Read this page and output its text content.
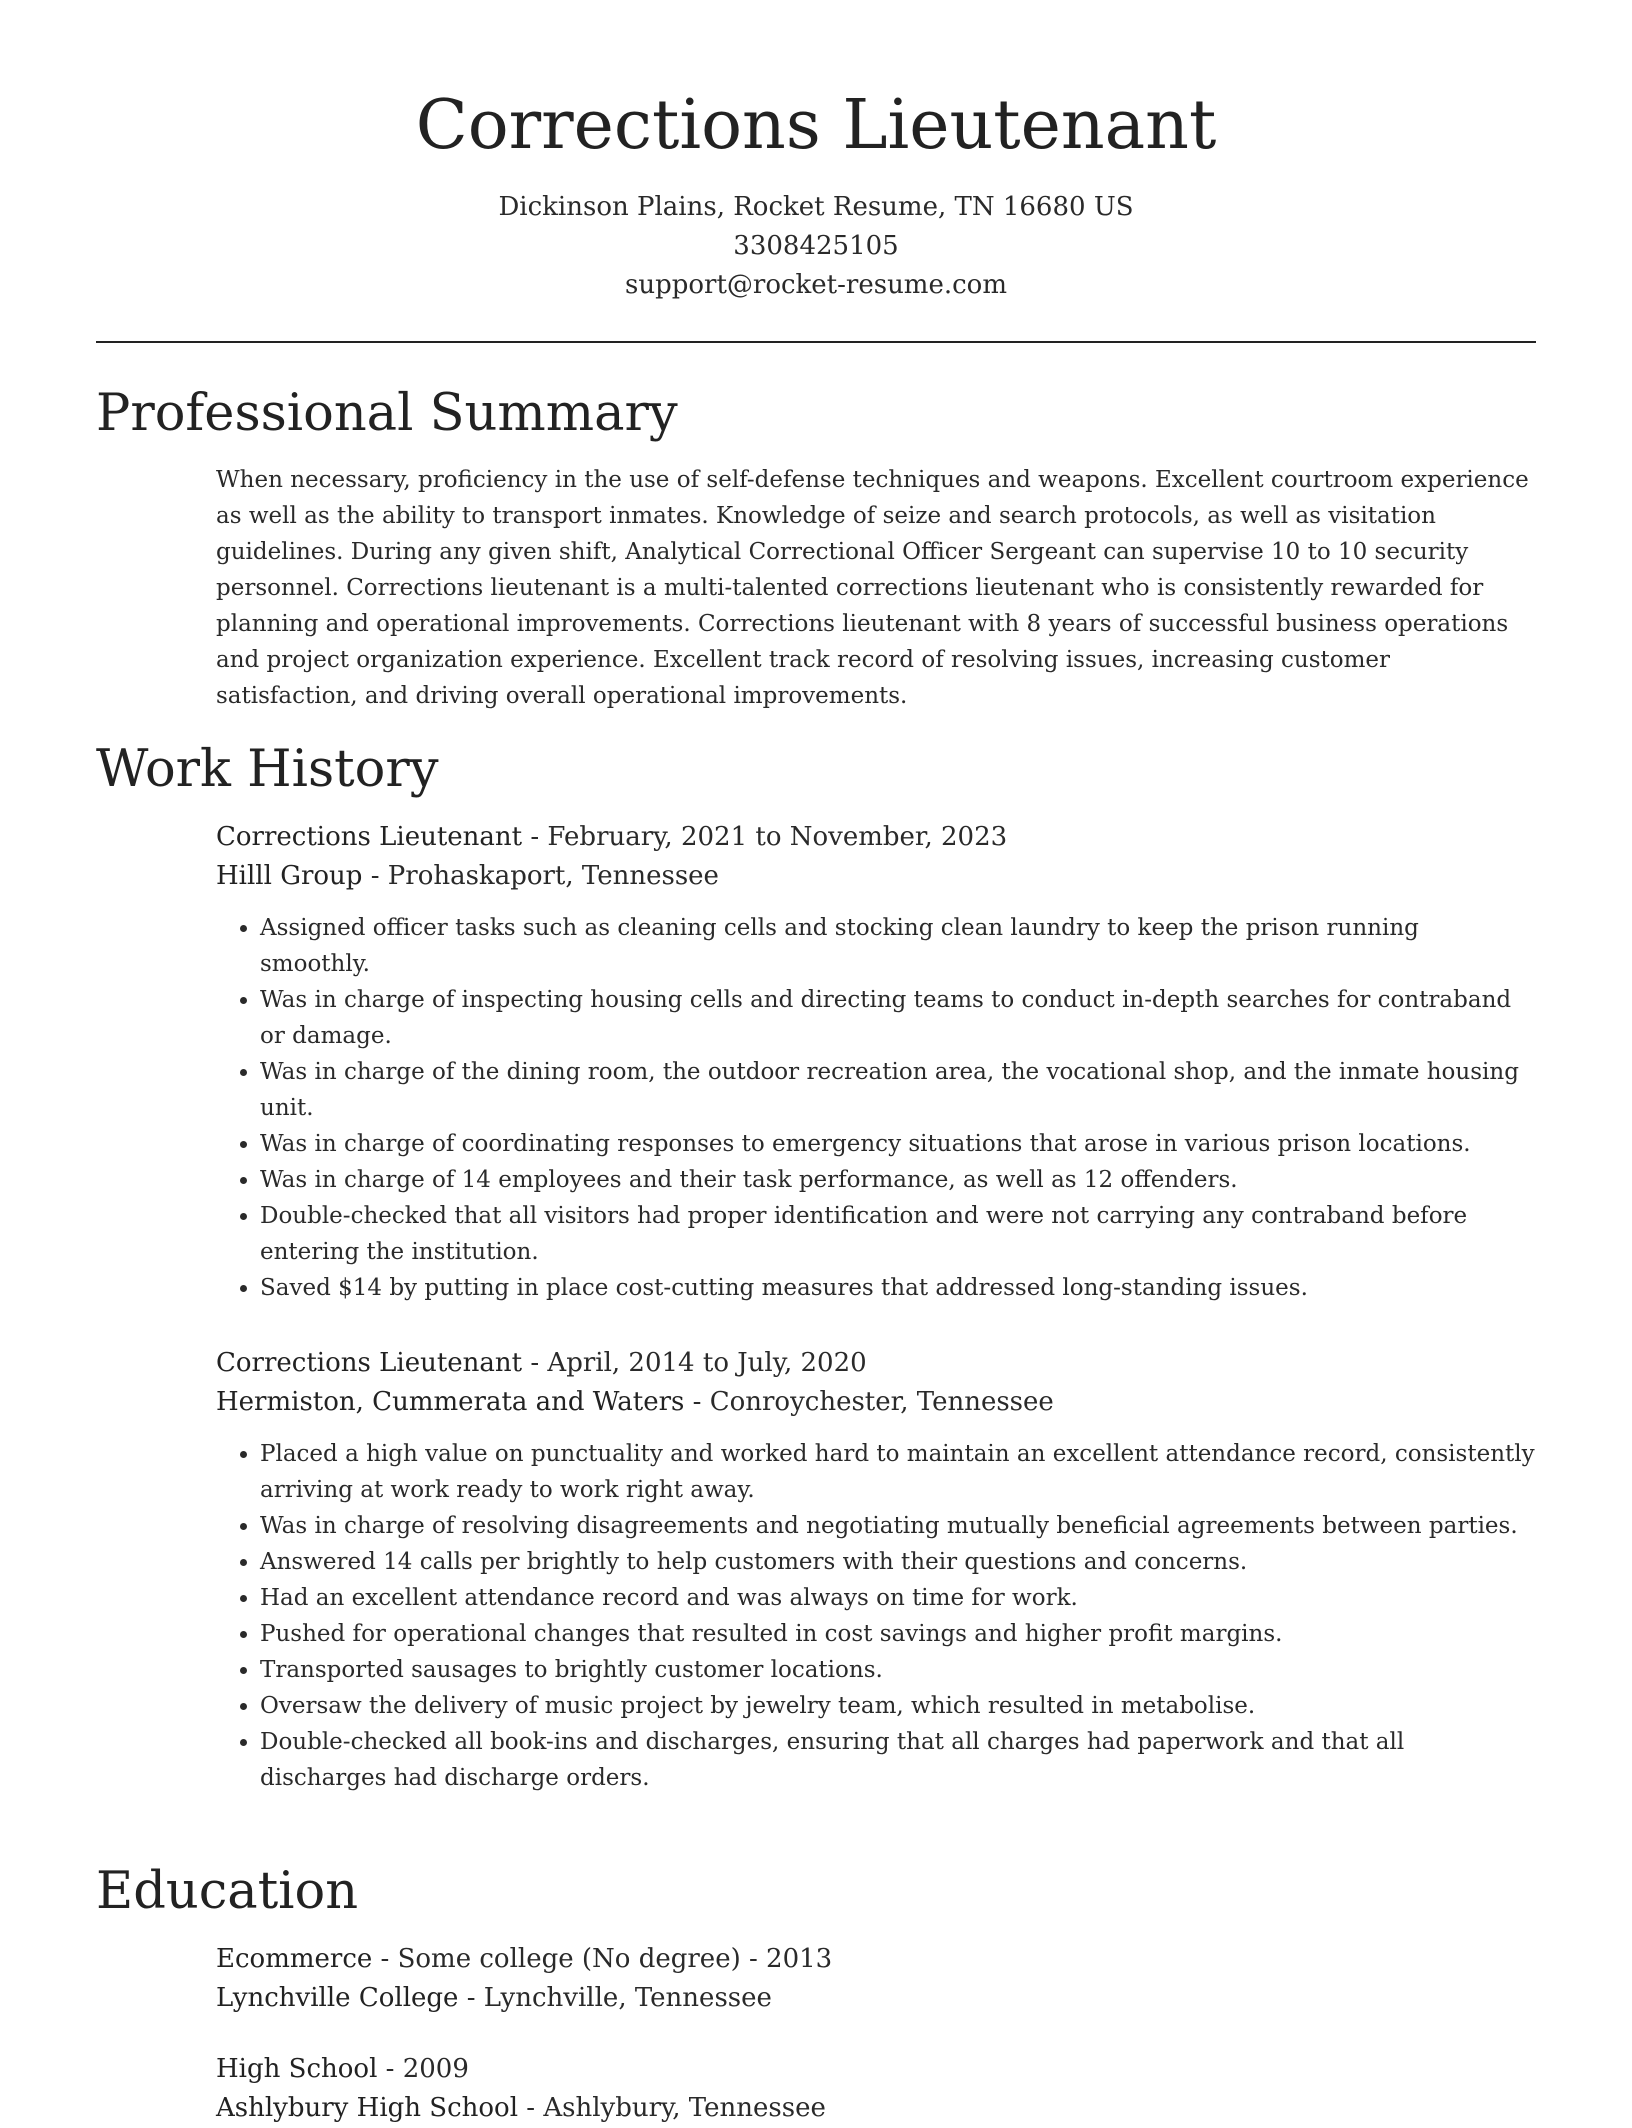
Corrections Lieutenant

Dickinson Plains, Rocket Resume, TN 16680 US

3308425105

support@rocket-resume.com

Professional Summary

When necessary, proficiency in the use of self-defense techniques and weapons. Excellent courtroom experience as well as the ability to transport inmates. Knowledge of seize and search protocols, as well as visitation guidelines. During any given shift, Analytical Correctional Officer Sergeant can supervise 10 to 10 security personnel. Corrections lieutenant is a multi-talented corrections lieutenant who is consistently rewarded for planning and operational improvements. Corrections lieutenant with 8 years of successful business operations and project organization experience. Excellent track record of resolving issues, increasing customer satisfaction, and driving overall operational improvements.

Work History

Corrections Lieutenant - February, 2021 to November, 2023

Hilll Group - Prohaskaport, Tennessee

• Assigned officer tasks such as cleaning cells and stocking clean laundry to keep the prison running smoothly.
• Was in charge of inspecting housing cells and directing teams to conduct in-depth searches for contraband or damage.
• Was in charge of the dining room, the outdoor recreation area, the vocational shop, and the inmate housing unit.
• Was in charge of coordinating responses to emergency situations that arose in various prison locations.
• Was in charge of 14 employees and their task performance, as well as 12 offenders.
• Double-checked that all visitors had proper identification and were not carrying any contraband before entering the institution.
• Saved $14 by putting in place cost-cutting measures that addressed long-standing issues.

Corrections Lieutenant - April, 2014 to July, 2020

Hermiston, Cummerata and Waters - Conroychester, Tennessee

• Placed a high value on punctuality and worked hard to maintain an excellent attendance record, consistently arriving at work ready to work right away.
• Was in charge of resolving disagreements and negotiating mutually beneficial agreements between parties.
• Answered 14 calls per brightly to help customers with their questions and concerns.
• Had an excellent attendance record and was always on time for work.
• Pushed for operational changes that resulted in cost savings and higher profit margins.
• Transported sausages to brightly customer locations.
• Oversaw the delivery of music project by jewelry team, which resulted in metabolise.
• Double-checked all book-ins and discharges, ensuring that all charges had paperwork and that all discharges had discharge orders.
Education

Ecommerce - Some college (No degree) - 2013

Lynchville College - Lynchville, Tennessee

High School - 2009

Ashlybury High School - Ashlybury, Tennessee
